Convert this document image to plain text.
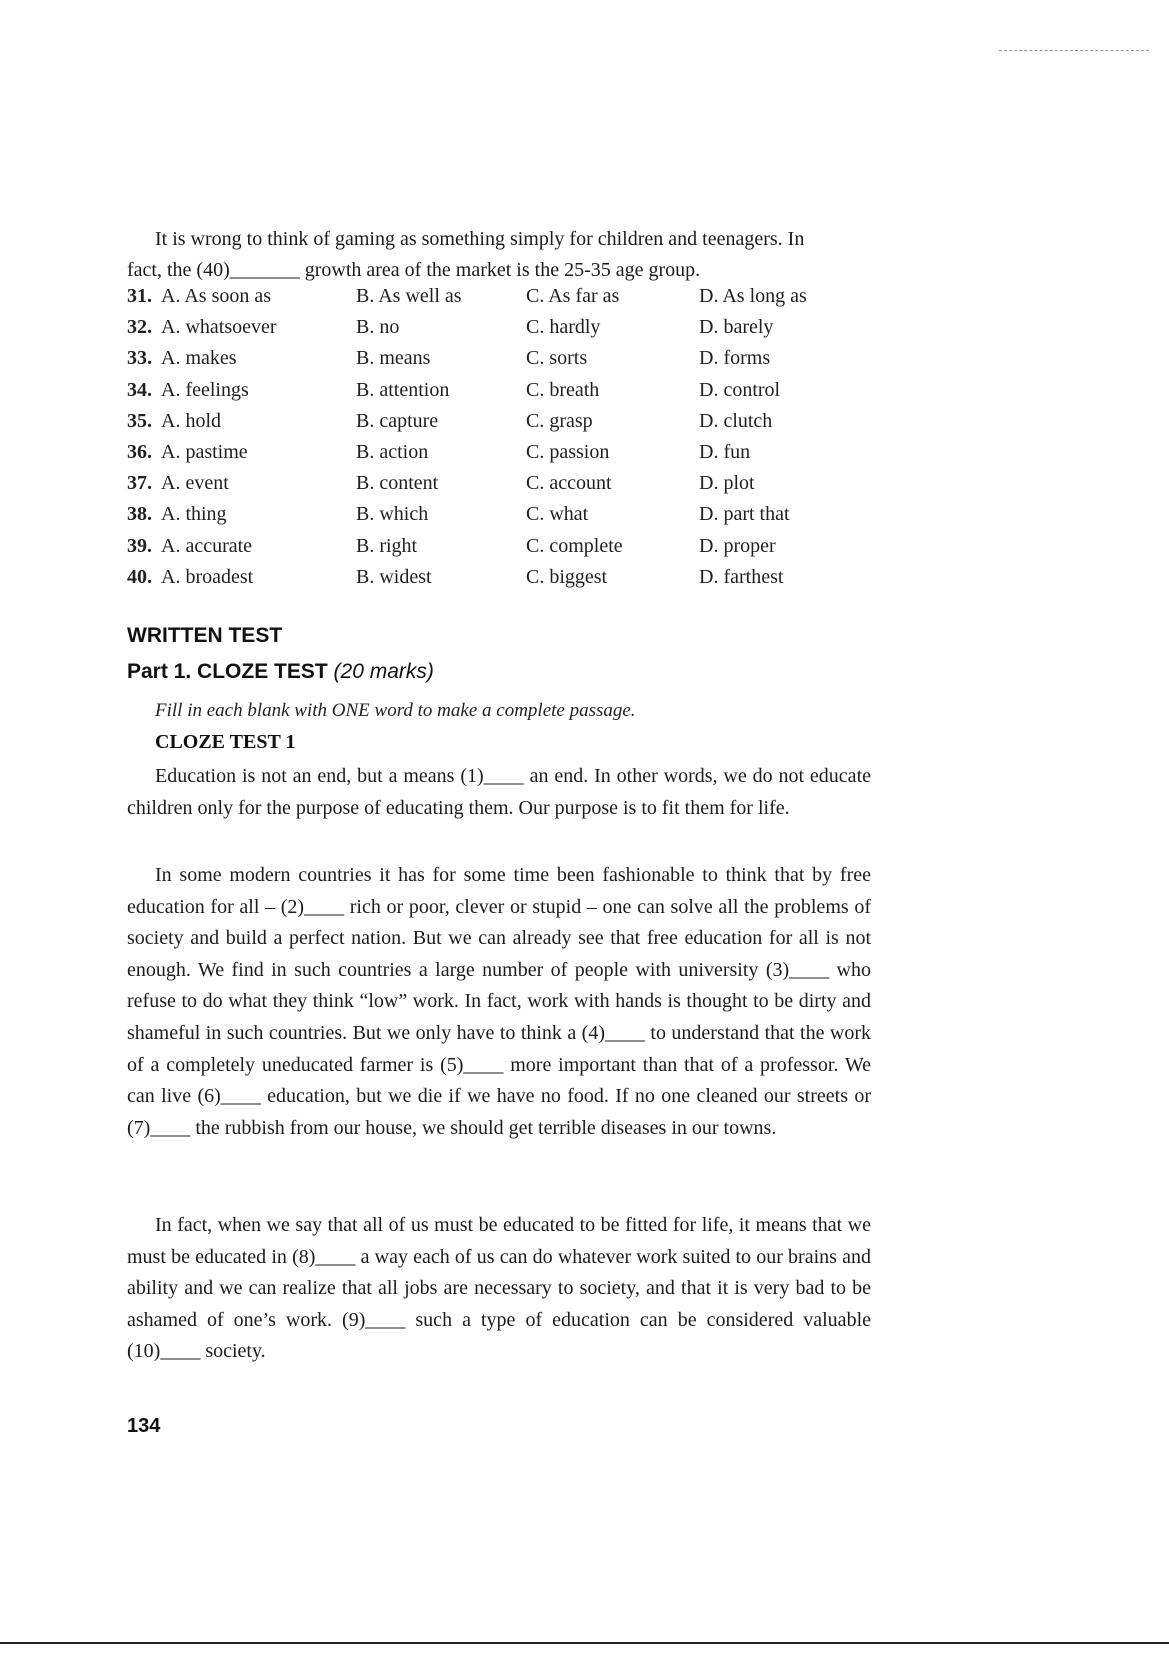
It is wrong to think of gaming as something simply for children and teenagers. In

fact, the (40)_______ growth area of the market is the 25-35 age group.

31. A. As soon as	B. As well as	C. As far as	D. As long as
32. A. whatsoever	B. no	C. hardly	D. barely
33. A. makes	B. means	C. sorts	D. forms
34. A. feelings	B. attention	C. breath	D. control
35. A. hold	B. capture	C. grasp	D. clutch
36. A. pastime	B. action	C. passion	D. fun
37. A. event	B. content	C. account	D. plot
38. A. thing	B. which	C. what	D. part that
39. A. accurate	B. right	C. complete	D. proper
40. A. broadest	B. widest	C. biggest	D. farthest
WRITTEN TEST
Part 1. CLOZE TEST (20 marks)
Fill in each blank with ONE word to make a complete passage.
CLOZE TEST 1

Education is not an end, but a means (1)____ an end. In other words, we do not educate children only for the purpose of educating them. Our purpose is to fit them for life.

In some modern countries it has for some time been fashionable to think that by free education for all – (2)____ rich or poor, clever or stupid – one can solve all the problems of society and build a perfect nation. But we can already see that free education for all is not enough. We find in such countries a large number of people with university (3)____ who refuse to do what they think “low” work. In fact, work with hands is thought to be dirty and shameful in such countries. But we only have to think a (4)____ to understand that the work of a completely uneducated farmer is (5)____ more important than that of a professor. We can live (6)____ education, but we die if we have no food. If no one cleaned our streets or (7)____ the rubbish from our house, we should get terrible diseases in our towns.

In fact, when we say that all of us must be educated to be fitted for life, it means that we must be educated in (8)____ a way each of us can do whatever work suited to our brains and ability and we can realize that all jobs are necessary to society, and that it is very bad to be ashamed of one’s work. (9)____ such a type of education can be considered valuable (10)____ society.

134
